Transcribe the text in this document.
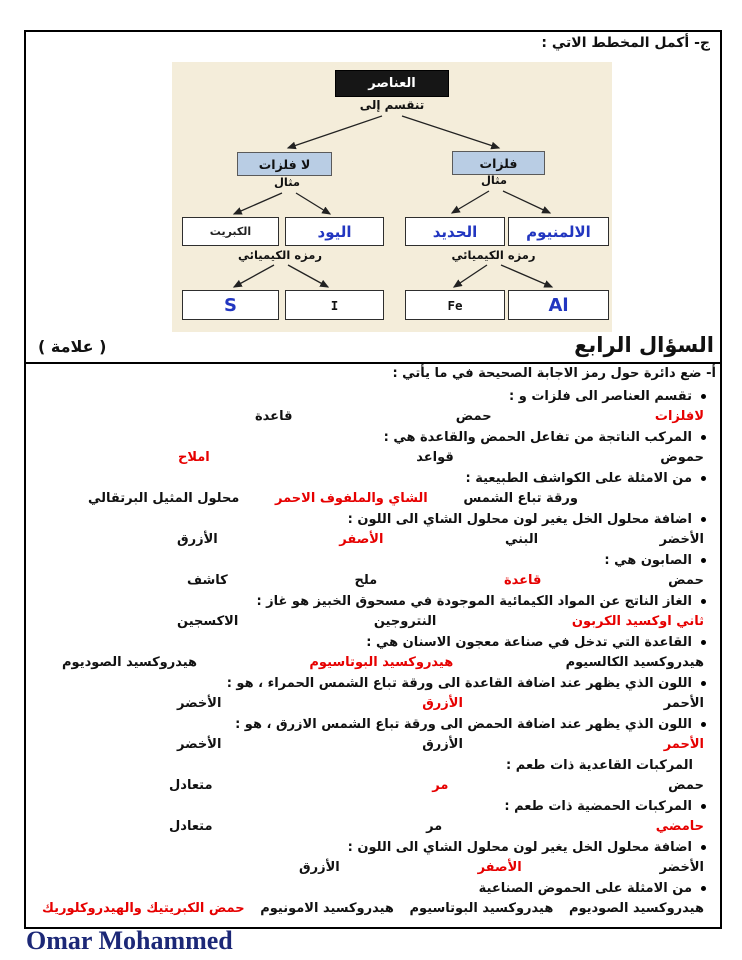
ج- أكمل المخطط الاتي :
العناصر
تنقسم إلى
لا فلزات	فلزات
مثال	مثال
الكبريت	اليود	الحديد	الالمنيوم
رمزه الكيميائي	رمزه الكيميائي
S	I	Fe	Al
السؤال الرابع
( علامة )
أ- ضع دائرة حول رمز الاجابة الصحيحة في ما يأتي :
تقسم العناصر الى فلزات و :
لافلزات
حمض
قاعدة
المركب الناتجة من تفاعل الحمض والقاعدة هي :
حموض
قواعد
املاح
من الامثلة على الكواشف الطبيعية :
ورقة تباع الشمس
الشاي والملفوف الاحمر
محلول المثيل البرتقالي
اضافة محلول الخل يغير لون محلول الشاي الى اللون :
الأخضر
البني
الأصفر
الأزرق
الصابون هي :
حمض
قاعدة
ملح
كاشف
الغاز الناتج عن المواد الكيمائية الموجودة في مسحوق الخبيز هو غاز :
ثاني اوكسيد الكربون
النتروجين
الاكسجين
القاعدة التي تدخل في صناعة معجون الاسنان هي :
هيدروكسيد الكالسيوم
هيدروكسيد البوتاسيوم
هيدروكسيد الصوديوم
اللون الذي يظهر عند اضافة القاعدة الى ورقة تباع الشمس الحمراء ، هو :
الأحمر
الأزرق
الأخضر
اللون الذي يظهر عند اضافة الحمض الى ورقة تباع الشمس الازرق ، هو :
الأحمر
الأزرق
الأخضر
المركبات القاعدية ذات طعم :
حمض
مر
متعادل
المركبات الحمضية ذات طعم :
حامضي
مر
متعادل
اضافة محلول الخل يغير لون محلول الشاي الى اللون :
الأخضر
الأصفر
الأزرق
من الامثلة على الحموض الصناعية
هيدروكسيد الصوديوم
هيدروكسيد البوتاسيوم
هيدروكسيد الامونيوم
حمض الكبريتيك والهيدروكلوريك
Omar Mohammed
